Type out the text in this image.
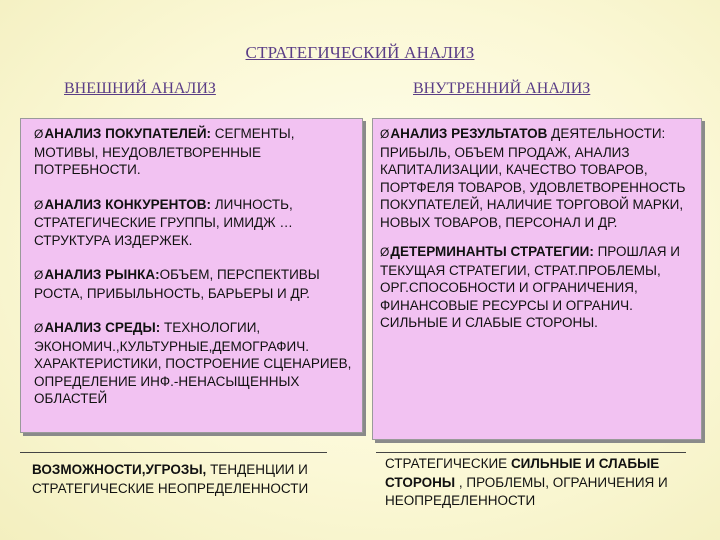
СТРАТЕГИЧЕСКИЙ АНАЛИЗ
ВНЕШНИЙ АНАЛИЗ	ВНУТРЕННИЙ АНАЛИЗ
ØАНАЛИЗ ПОКУПАТЕЛЕЙ: СЕГМЕНТЫ, МОТИВЫ, НЕУДОВЛЕТВОРЕННЫЕ ПОТРЕБНОСТИ.
ØАНАЛИЗ КОНКУРЕНТОВ: ЛИЧНОСТЬ, СТРАТЕГИЧЕСКИЕ ГРУППЫ, ИМИДЖ …СТРУКТУРА ИЗДЕРЖЕК.
ØАНАЛИЗ РЫНКА:ОБЪЕМ, ПЕРСПЕКТИВЫ РОСТА, ПРИБЫЛЬНОСТЬ, БАРЬЕРЫ И ДР.
ØАНАЛИЗ СРЕДЫ: ТЕХНОЛОГИИ, ЭКОНОМИЧ.,КУЛЬТУРНЫЕ,ДЕМОГРАФИЧ. ХАРАКТЕРИСТИКИ, ПОСТРОЕНИЕ СЦЕНАРИЕВ, ОПРЕДЕЛЕНИЕ ИНФ.-НЕНАСЫЩЕННЫХ ОБЛАСТЕЙ
ØАНАЛИЗ РЕЗУЛЬТАТОВ ДЕЯТЕЛЬНОСТИ: ПРИБЫЛЬ, ОБЪЕМ ПРОДАЖ, АНАЛИЗ КАПИТАЛИЗАЦИИ, КАЧЕСТВО ТОВАРОВ, ПОРТФЕЛЯ ТОВАРОВ, УДОВЛЕТВОРЕННОСТЬ ПОКУПАТЕЛЕЙ, НАЛИЧИЕ ТОРГОВОЙ МАРКИ, НОВЫХ ТОВАРОВ, ПЕРСОНАЛ И ДР.
ØДЕТЕРМИНАНТЫ СТРАТЕГИИ: ПРОШЛАЯ И ТЕКУЩАЯ СТРАТЕГИИ, СТРАТ.ПРОБЛЕМЫ, ОРГ.СПОСОБНОСТИ И ОГРАНИЧЕНИЯ, ФИНАНСОВЫЕ РЕСУРСЫ И ОГРАНИЧ. СИЛЬНЫЕ И СЛАБЫЕ СТОРОНЫ.
ВОЗМОЖНОСТИ,УГРОЗЫ, ТЕНДЕНЦИИ И СТРАТЕГИЧЕСКИЕ НЕОПРЕДЕЛЕННОСТИ
СТРАТЕГИЧЕСКИЕ СИЛЬНЫЕ И СЛАБЫЕ СТОРОНЫ , ПРОБЛЕМЫ, ОГРАНИЧЕНИЯ И НЕОПРЕДЕЛЕННОСТИ
